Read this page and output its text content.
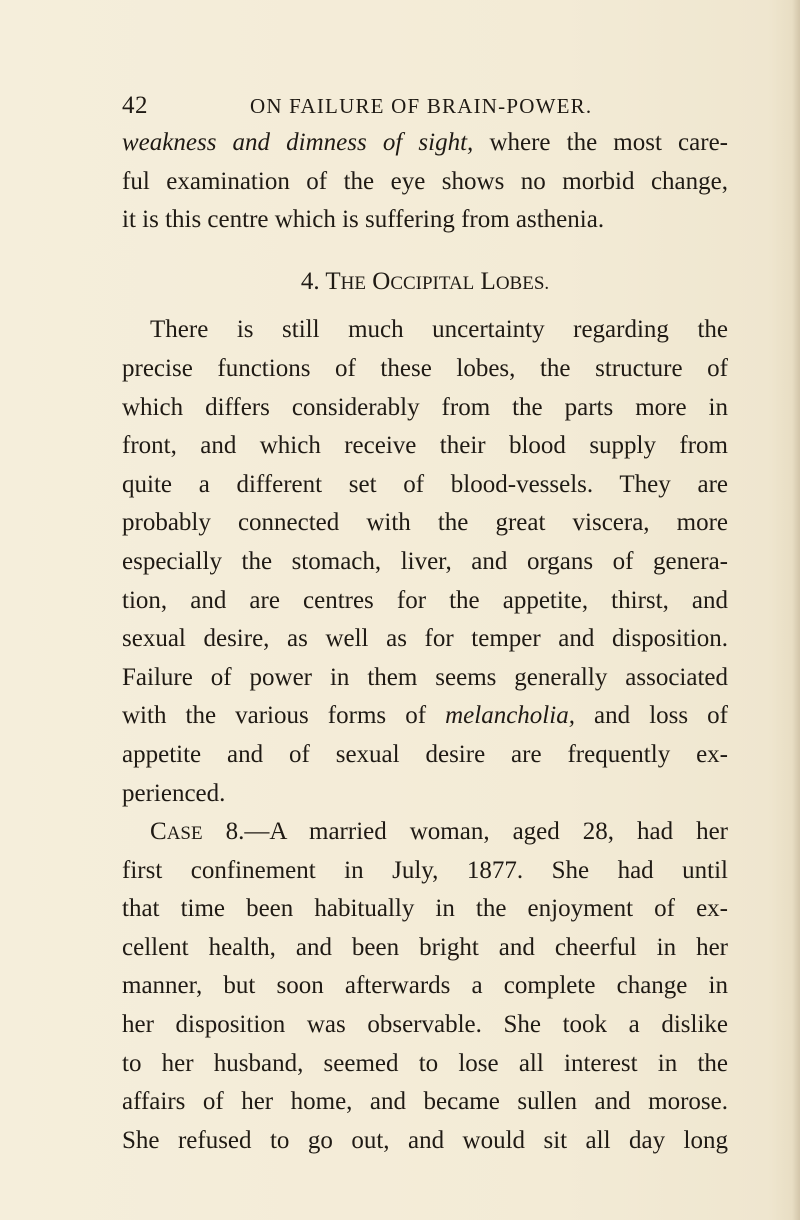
42	ON FAILURE OF BRAIN-POWER.
weakness and dimness of sight, where the most care-
ful examination of the eye shows no morbid change,
it is this centre which is suffering from asthenia.
4. THE OCCIPITAL LOBES.
There is still much uncertainty regarding the
precise functions of these lobes, the structure of
which differs considerably from the parts more in
front, and which receive their blood supply from
quite a different set of blood-vessels. They are
probably connected with the great viscera, more
especially the stomach, liver, and organs of genera-
tion, and are centres for the appetite, thirst, and
sexual desire, as well as for temper and disposition.
Failure of power in them seems generally associated
with the various forms of melancholia, and loss of
appetite and of sexual desire are frequently ex-
perienced.
CASE 8.—A married woman, aged 28, had her
first confinement in July, 1877. She had until
that time been habitually in the enjoyment of ex-
cellent health, and been bright and cheerful in her
manner, but soon afterwards a complete change in
her disposition was observable. She took a dislike
to her husband, seemed to lose all interest in the
affairs of her home, and became sullen and morose.
She refused to go out, and would sit all day long
